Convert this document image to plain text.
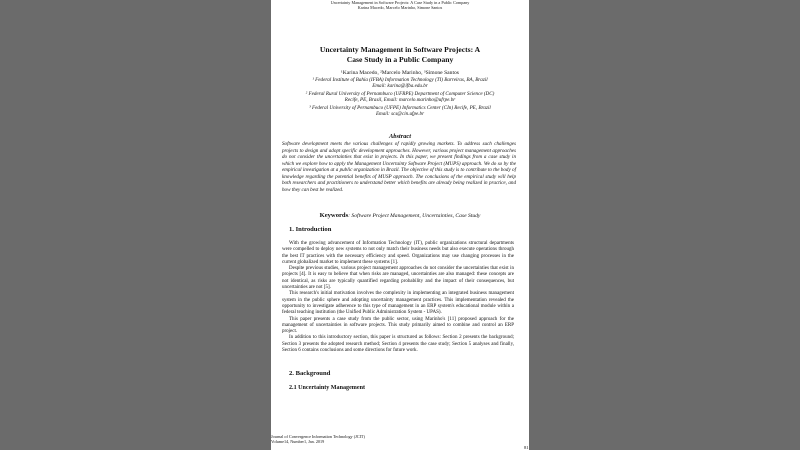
Uncertainty Management in Software Projects: A Case Study in a Public Company
Karina Macedo, Marcelo Marinho, Simone Santos
Uncertainty Management in Software Projects: A
Case Study in a Public Company
¹Karina Macedo, ²Marcelo Marinho, ³Simone Santos
¹ Federal Institute of Bahia (IFBA) Information Technology (TI) Barreiras, BA, Brazil
Email: karina@ifba.edu.br
² Federal Rural University of Pernambuco (UFRPE) Department of Computer Science (DC)
Recife, PE, Brasil, Email: marcelo.marinho@ufrpe.br
³ Federal University of Pernambuco (UFPE) Informatics Center (CIn) Recife, PE, Brazil
Email: scs@cin.ufpe.br
Abstract
Software development meets the various challenges of rapidly growing markets. To address such challenges projects to design and adopt specific development approaches. However, various project management approaches do not consider the uncertainties that exist in projects. In this paper, we present findings from a case study in which we explore how to apply the Management Uncertainty Software Project (MUPS) approach. We do so by the empirical investigation at a public organization in Brazil. The objective of this study is to contribute to the body of knowledge regarding the potential benefits of MUSP approach. The conclusions of the empirical study will help both researchers and practitioners to understand better which benefits are already being realized in practice, and how they can best be realized.
Keywords: Software Project Management, Uncertainties, Case Study
1. Introduction

With the growing advancement of Information Technology (IT), public organizations structural departments were compelled to deploy new systems to not only match their business needs but also execute operations through the best IT practices with the necessary efficiency and speed. Organizations may use changing processes in the current globalized market to implement these systems [1].

Despite previous studies, various project management approaches do not consider the uncertainties that exist in projects [4]. It is easy to believe that when risks are managed, uncertainties are also managed: these concepts are not identical, as risks are typically quantified regarding probability and the impact of their consequences, but uncertainties are not [5].

This research's initial motivation involves the complexity in implementing an integrated business management system in the public sphere and adopting uncertainty management practices. This implementation revealed the opportunity to investigate adherence to this type of management in an ERP system's educational module within a federal teaching institution (the Unified Public Administration System - UPAS).

This paper presents a case study from the public sector, using Marinho's [11] proposed approach for the management of uncertainties in software projects. This study primarily aimed to combine and control an ERP project.

In addition to this introductory section, this paper is structured as follows: Section 2 presents the background; Section 3 presents the adopted research method; Section 4 presents the case study; Section 5 analyses and finally, Section 6 contains conclusions and some directions for future work.

2. Background
2.1 Uncertainty Management
Journal of Convergence Information Technology (JCIT)
Volume14, Number1, Jan. 2019
81
